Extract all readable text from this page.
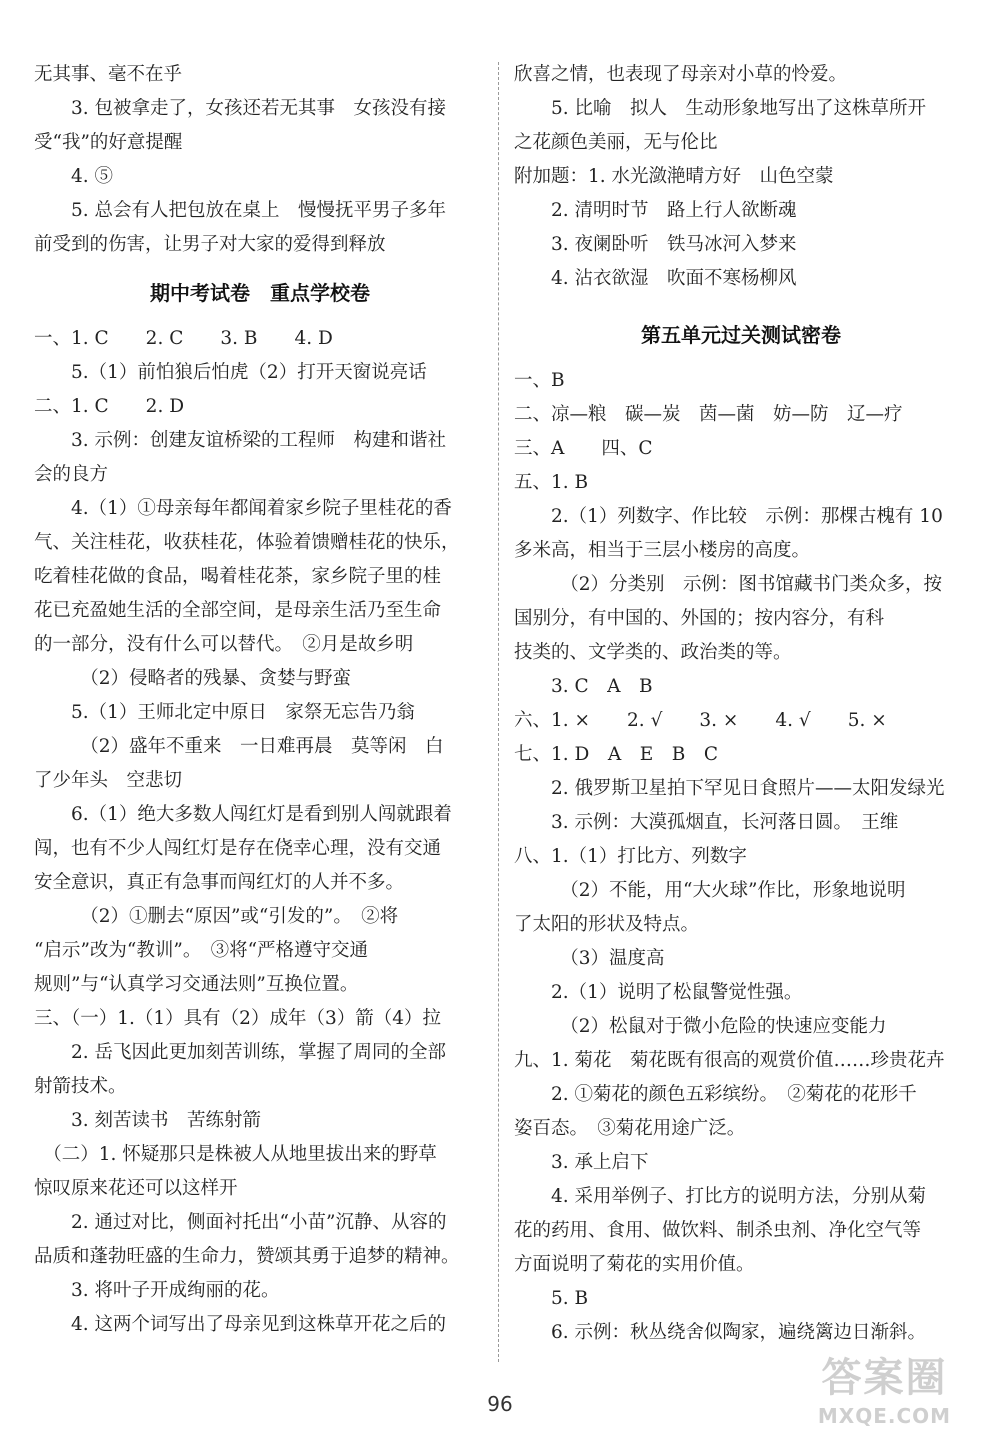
无其事、毫不在乎
　　3. 包被拿走了，女孩还若无其事　女孩没有接
受“我”的好意提醒
　　4. ⑤
　　5. 总会有人把包放在桌上　慢慢抚平男子多年
前受到的伤害，让男子对大家的爱得到释放
期中考试卷　重点学校卷
一、1. C　　2. C　　3. B　　4. D
　　5.（1）前怕狼后怕虎（2）打开天窗说亮话
二、1. C　　2. D
　　3. 示例：创建友谊桥梁的工程师　构建和谐社
会的良方
　　4.（1）①母亲每年都闻着家乡院子里桂花的香
气、关注桂花，收获桂花，体验着馈赠桂花的快乐，
吃着桂花做的食品，喝着桂花茶，家乡院子里的桂
花已充盈她生活的全部空间，是母亲生活乃至生命
的一部分，没有什么可以替代。　②月是故乡明
　　　（2）侵略者的残暴、贪婪与野蛮
　　5.（1）王师北定中原日　家祭无忘告乃翁
　　　（2）盛年不重来　一日难再晨　莫等闲　白
了少年头　空悲切
　　6.（1）绝大多数人闯红灯是看到别人闯就跟着
闯，也有不少人闯红灯是存在侥幸心理，没有交通
安全意识，真正有急事而闯红灯的人并不多。
　　　（2）①删去“原因”或“引发的”。　②将
“启示”改为“教训”。　③将“严格遵守交通
规则”与“认真学习交通法则”互换位置。
三、（一）1.（1）具有（2）成年（3）箭（4）拉
　　2. 岳飞因此更加刻苦训练，掌握了周同的全部
射箭技术。
　　3. 刻苦读书　苦练射箭
　（二）1. 怀疑那只是株被人从地里拔出来的野草
惊叹原来花还可以这样开
　　2. 通过对比，侧面衬托出“小苗”沉静、从容的
品质和蓬勃旺盛的生命力，赞颂其勇于追梦的精神。
　　3. 将叶子开成绚丽的花。
　　4. 这两个词写出了母亲见到这株草开花之后的
欣喜之情，也表现了母亲对小草的怜爱。
　　5. 比喻　拟人　生动形象地写出了这株草所开
之花颜色美丽，无与伦比
附加题：1. 水光潋滟晴方好　山色空蒙
　　2. 清明时节　路上行人欲断魂
　　3. 夜阑卧听　铁马冰河入梦来
　　4. 沾衣欲湿　吹面不寒杨柳风
第五单元过关测试密卷
一、B
二、凉—粮　碳—炭　茵—菌　妨—防　辽—疗
三、A　　四、C
五、1. B
　　2.（1）列数字、作比较　示例：那棵古槐有 10
多米高，相当于三层小楼房的高度。
　　　（2）分类别　示例：图书馆藏书门类众多，按
国别分，有中国的、外国的；按内容分，有科
技类的、文学类的、政治类的等。
　　3. C　A　B
六、1. ×　　2. √　　3. ×　　4. √　　5. ×
七、1. D　A　E　B　C
　　2. 俄罗斯卫星拍下罕见日食照片——太阳发绿光
　　3. 示例：大漠孤烟直，长河落日圆。　王维
八、1.（1）打比方、列数字
　　　（2）不能，用“大火球”作比，形象地说明
了太阳的形状及特点。
　　　（3）温度高
　　2.（1）说明了松鼠警觉性强。
　　　（2）松鼠对于微小危险的快速应变能力
九、1. 菊花　菊花既有很高的观赏价值……珍贵花卉
　　2. ①菊花的颜色五彩缤纷。　②菊花的花形千
姿百态。　③菊花用途广泛。
　　3. 承上启下
　　4. 采用举例子、打比方的说明方法，分别从菊
花的药用、食用、做饮料、制杀虫剂、净化空气等
方面说明了菊花的实用价值。
　　5. B
　　6. 示例：秋丛绕舍似陶家，遍绕篱边日渐斜。
96
答案圈
MXQE.COM
